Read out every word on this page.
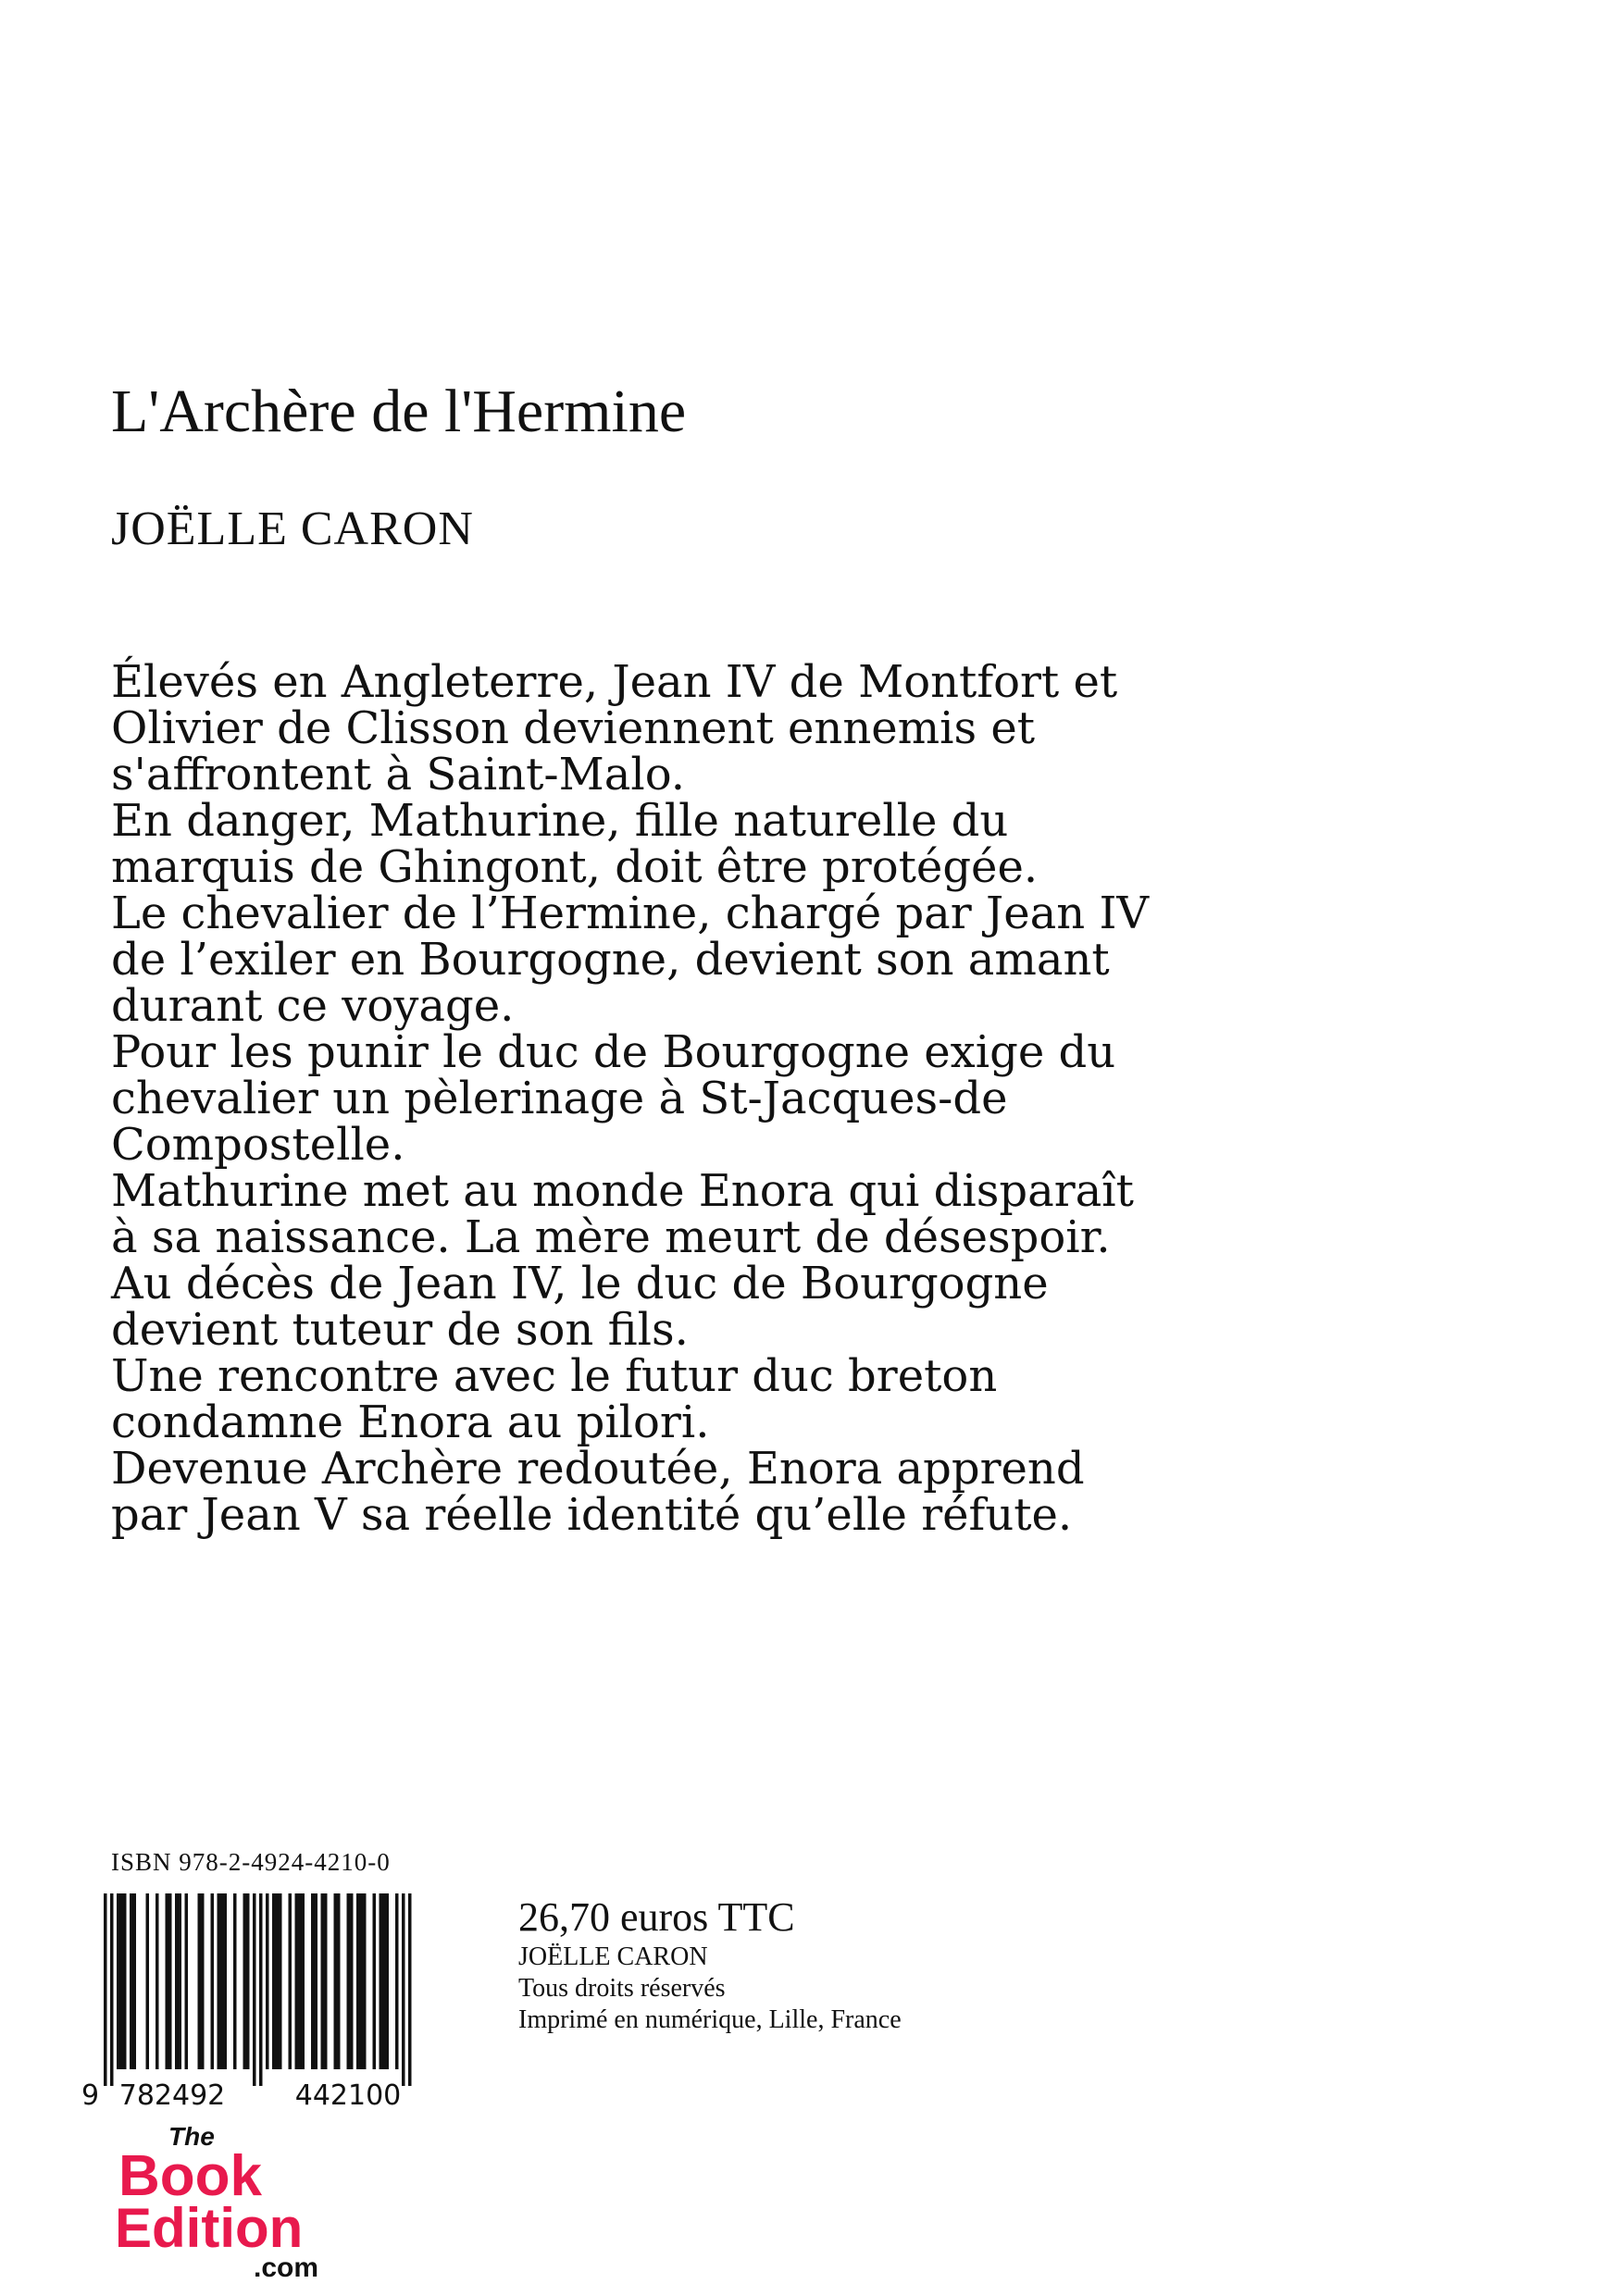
L'Archère de l'Hermine
JOËLLE CARON
Élevés en Angleterre, Jean IV de Montfort et
Olivier de Clisson deviennent ennemis et
s'affrontent à Saint-Malo.
En danger, Mathurine, fille naturelle du
marquis de Ghingont, doit être protégée.
Le chevalier de l’Hermine, chargé par Jean IV
de l’exiler en Bourgogne, devient son amant
durant ce voyage.
Pour les punir le duc de Bourgogne exige du
chevalier un pèlerinage à St-Jacques-de
Compostelle.
Mathurine met au monde Enora qui disparaît
à sa naissance. La mère meurt de désespoir.
Au décès de Jean IV, le duc de Bourgogne
devient tuteur de son fils.
Une rencontre avec le futur duc breton
condamne Enora au pilori.
Devenue Archère redoutée, Enora apprend
par Jean V sa réelle identité qu’elle réfute.
ISBN 978-2-4924-4210-0
9 782492	442100
26,70 euros TTC
JOËLLE CARON
Tous droits réservés
Imprimé en numérique, Lille, France
The
Book
Edition
.com
